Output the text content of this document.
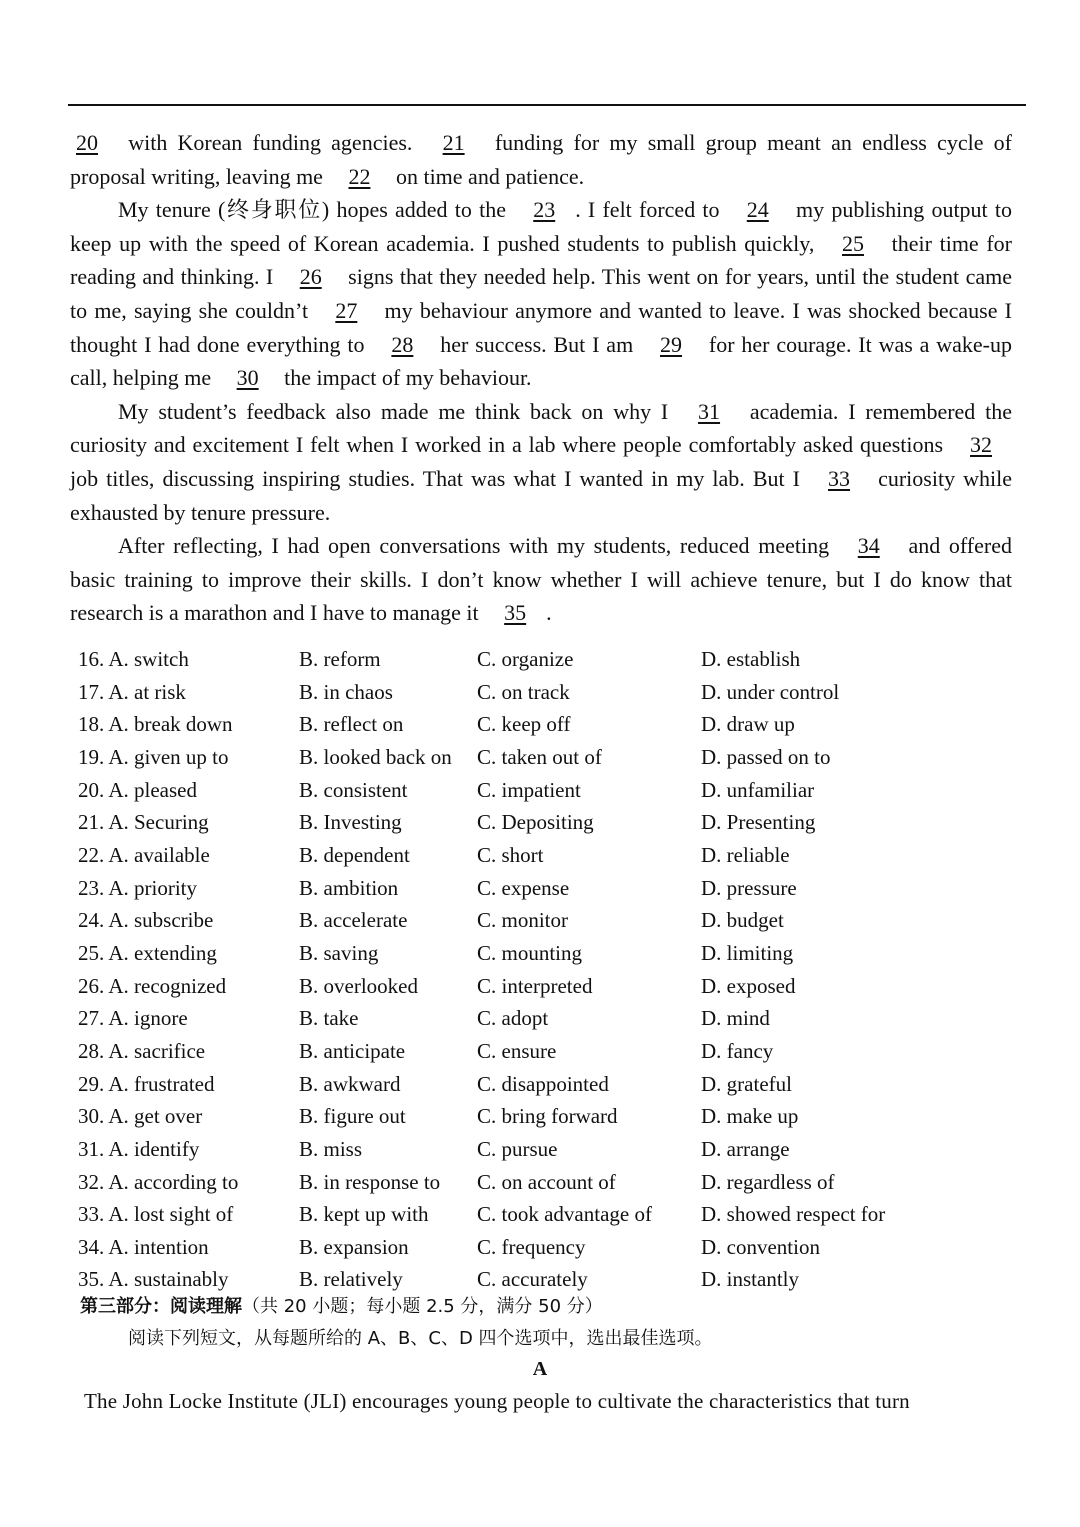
20 with Korean funding agencies. 21 funding for my small group meant an endless cycle of proposal writing, leaving me 22 on time and patience.

My tenure (终身职位) hopes added to the 23 . I felt forced to 24 my publishing output to keep up with the speed of Korean academia. I pushed students to publish quickly, 25 their time for reading and thinking. I 26 signs that they needed help. This went on for years, until the student came to me, saying she couldn’t 27 my behaviour anymore and wanted to leave. I was shocked because I thought I had done everything to 28 her success. But I am 29 for her courage. It was a wake-up call, helping me 30 the impact of my behaviour.

My student’s feedback also made me think back on why I 31 academia. I remembered the curiosity and excitement I felt when I worked in a lab where people comfortably asked questions 32 job titles, discussing inspiring studies. That was what I wanted in my lab. But I 33 curiosity while exhausted by tenure pressure.

After reflecting, I had open conversations with my students, reduced meeting 34 and offered basic training to improve their skills. I don’t know whether I will achieve tenure, but I do know that research is a marathon and I have to manage it 35 .

16. A. switch	B. reform	C. organize	D. establish
17. A. at risk	B. in chaos	C. on track	D. under control
18. A. break down	B. reflect on	C. keep off	D. draw up
19. A. given up to	B. looked back on	C. taken out of	D. passed on to
20. A. pleased	B. consistent	C. impatient	D. unfamiliar
21. A. Securing	B. Investing	C. Depositing	D. Presenting
22. A. available	B. dependent	C. short	D. reliable
23. A. priority	B. ambition	C. expense	D. pressure
24. A. subscribe	B. accelerate	C. monitor	D. budget
25. A. extending	B. saving	C. mounting	D. limiting
26. A. recognized	B. overlooked	C. interpreted	D. exposed
27. A. ignore	B. take	C. adopt	D. mind
28. A. sacrifice	B. anticipate	C. ensure	D. fancy
29. A. frustrated	B. awkward	C. disappointed	D. grateful
30. A. get over	B. figure out	C. bring forward	D. make up
31. A. identify	B. miss	C. pursue	D. arrange
32. A. according to	B. in response to	C. on account of	D. regardless of
33. A. lost sight of	B. kept up with	C. took advantage of	D. showed respect for
34. A. intention	B. expansion	C. frequency	D. convention
35. A. sustainably	B. relatively	C. accurately	D. instantly
第三部分：阅读理解（共 20 小题；每小题 2.5 分，满分 50 分）
阅读下列短文，从每题所给的 A、B、C、D 四个选项中，选出最佳选项。
A
The John Locke Institute (JLI) encourages young people to cultivate the characteristics that turn
